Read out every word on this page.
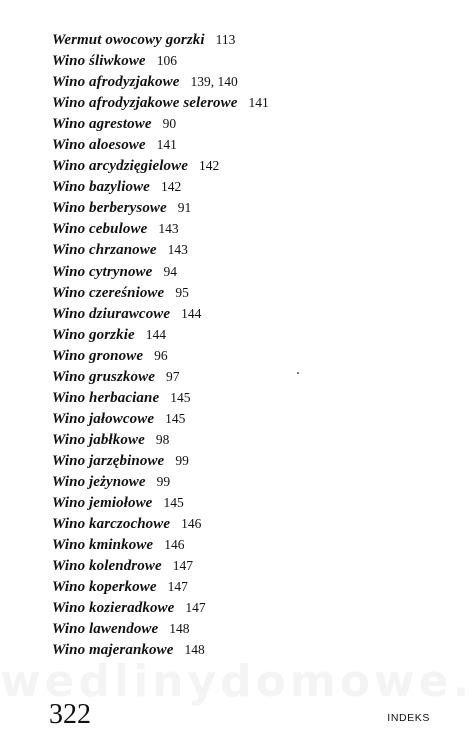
Wermut owocowy gorzki 113
Wino śliwkowe 106
Wino afrodyzjakowe 139, 140
Wino afrodyzjakowe selerowe 141
Wino agrestowe 90
Wino aloesowe 141
Wino arcydzięgielowe 142
Wino bazyliowe 142
Wino berberysowe 91
Wino cebulowe 143
Wino chrzanowe 143
Wino cytrynowe 94
Wino czereśniowe 95
Wino dziurawcowe 144
Wino gorzkie 144
Wino gronowe 96
Wino gruszkowe 97
Wino herbaciane 145
Wino jałowcowe 145
Wino jabłkowe 98
Wino jarzębinowe 99
Wino jeżynowe 99
Wino jemiołowe 145
Wino karczochowe 146
Wino kminkowe 146
Wino kolendrowe 147
Wino koperkowe 147
Wino kozieradkowe 147
Wino lawendowe 148
Wino majerankowe 148
322	INDEKS
